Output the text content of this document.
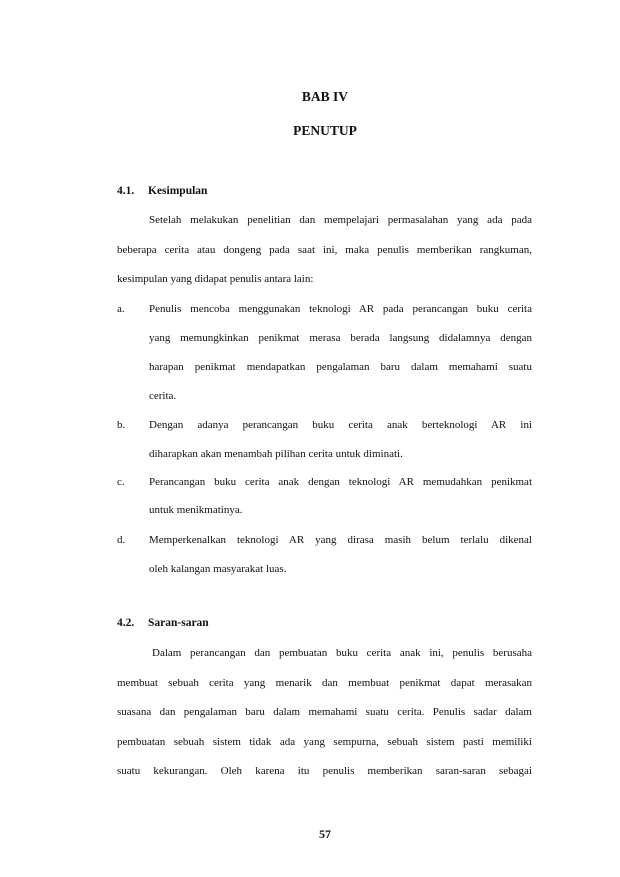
BAB IV
PENUTUP
4.1. Kesimpulan
Setelah melakukan penelitian dan mempelajari permasalahan yang ada pada
beberapa cerita atau dongeng pada saat ini, maka penulis memberikan rangkuman,
kesimpulan yang didapat penulis antara lain:
a. Penulis mencoba menggunakan teknologi AR pada perancangan buku cerita
yang memungkinkan penikmat merasa berada langsung didalamnya dengan
harapan penikmat mendapatkan pengalaman baru dalam memahami suatu
cerita.
b. Dengan adanya perancangan buku cerita anak berteknologi AR ini
diharapkan akan menambah pilihan cerita untuk diminati.
c. Perancangan buku cerita anak dengan teknologi AR memudahkan penikmat
untuk menikmatinya.
d. Memperkenalkan teknologi AR yang dirasa masih belum terlalu dikenal
oleh kalangan masyarakat luas.
4.2. Saran-saran
Dalam perancangan dan pembuatan buku cerita anak ini, penulis berusaha
membuat sebuah cerita yang menarik dan membuat penikmat dapat merasakan
suasana dan pengalaman baru dalam memahami suatu cerita. Penulis sadar dalam
pembuatan sebuah sistem tidak ada yang sempurna, sebuah sistem pasti memiliki
suatu kekurangan. Oleh karena itu penulis memberikan saran-saran sebagai
57
